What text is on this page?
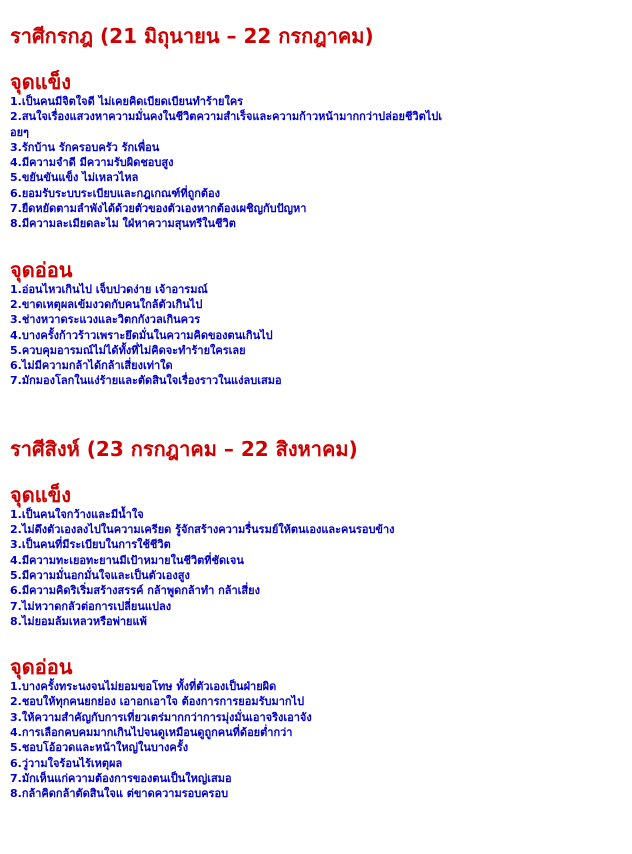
ราศีกรกฎ (21 มิถุนายน – 22 กรกฎาคม)
จุดแข็ง
1.เป็นคนมีจิตใจดี ไม่เคยคิดเบียดเบียนทำร้ายใคร
2.สนใจเรื่องแสวงหาความมั่นคงในชีวิตความสำเร็จและความก้าวหน้ามากกว่าปล่อยชีวิตไปเ
อยๆ
3.รักบ้าน รักครอบครัว รักเพื่อน
4.มีความจำดี มีความรับผิดชอบสูง
5.ขยันขันแข็ง ไม่เหลวไหล
6.ยอมรับระบบระเบียบและกฎเกณฑ์ที่ถูกต้อง
7.ยืดหยัดตามลำพังได้ด้วยตัวของตัวเองหากต้องเผชิญกับปัญหา
8.มีความละเมียดละไม ใฝ่หาความสุนทรีในชีวิต
จุดอ่อน
1.อ่อนไหวเกินไป เจ็บปวดง่าย เจ้าอารมณ์
2.ขาดเหตุผลเข้มงวดกับคนใกล้ตัวเกินไป
3.ช่างหวาดระแวงและวิตกกังวลเกินควร
4.บางครั้งก้าวร้าวเพราะยึดมั่นในความคิดของตนเกินไป
5.ควบคุมอารมณ์ไม่ได้ทั้งที่ไม่คิดจะทำร้ายใครเลย
6.ไม่มีความกล้าได้กล้าเสี่ยงเท่าใด
7.มักมองโลกในแง่ร้ายและตัดสินใจเรื่องราวในแง่ลบเสมอ
ราศีสิงห์ (23 กรกฎาคม – 22 สิงหาคม)
จุดแข็ง
1.เป็นคนใจกว้างและมีน้ำใจ
2.ไม่ดึงตัวเองลงไปในความเครียด รู้จักสร้างความรื่นรมย์ให้ตนเองและคนรอบข้าง
3.เป็นคนที่มีระเบียบในการใช้ชีวิต
4.มีความทะเยอทะยานมีเป้าหมายในชีวิตที่ชัดเจน
5.มีความมั่นอกมั่นใจและเป็นตัวเองสูง
6.มีความคิดริเริ่มสร้างสรรค์ กล้าพูดกล้าทำ กล้าเสี่ยง
7.ไม่หวาดกลัวต่อการเปลี่ยนแปลง
8.ไม่ยอมล้มเหลวหรือพ่ายแพ้
จุดอ่อน
1.บางครั้งทระนงจนไม่ยอมขอโทษ ทั้งที่ตัวเองเป็นฝ่ายผิด
2.ชอบให้ทุกคนยกย่อง เอาอกเอาใจ ต้องการการยอมรับมากไป
3.ให้ความสำคัญกับการเที่ยวเตร่มากกว่าการมุ่งมั่นเอาจริงเอาจัง
4.การเลือกคบคมมากเกินไปจนดูเหมือนดูถูกคนที่ด้อยต่ำกว่า
5.ชอบโอ้อวดและหน้าใหญ่ในบางครั้ง
6.วู่วามใจร้อนไร้เหตุผล
7.มักเห็นแก่ความต้องการของตนเป็นใหญ่เสมอ
8.กล้าคิดกล้าตัดสินใจแ ต่ขาดความรอบครอบ
